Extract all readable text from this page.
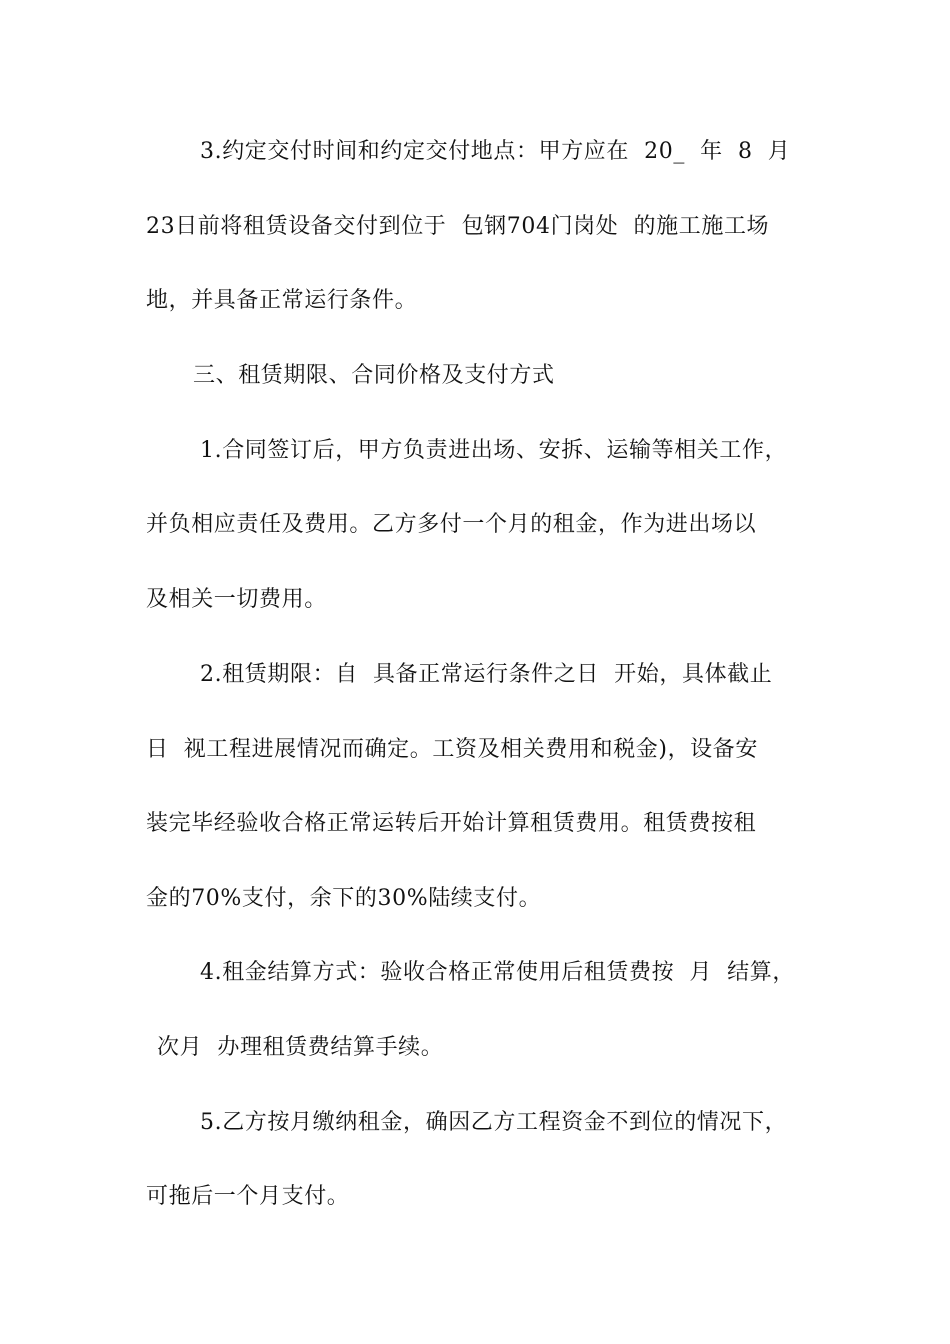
3.约定交付时间和约定交付地点：甲方应在  20_  年  8  月
23日前将租赁设备交付到位于  包钢704门岗处  的施工施工场
地，并具备正常运行条件。
三、租赁期限、合同价格及支付方式
1.合同签订后，甲方负责进出场、安拆、运输等相关工作，
并负相应责任及费用。乙方多付一个月的租金，作为进出场以
及相关一切费用。
2.租赁期限：自  具备正常运行条件之日  开始，具体截止
日  视工程进展情况而确定。工资及相关费用和税金)，设备安
装完毕经验收合格正常运转后开始计算租赁费用。租赁费按租
金的70%支付，余下的30%陆续支付。
4.租金结算方式：验收合格正常使用后租赁费按  月  结算，
次月  办理租赁费结算手续。
5.乙方按月缴纳租金，确因乙方工程资金不到位的情况下，
可拖后一个月支付。
